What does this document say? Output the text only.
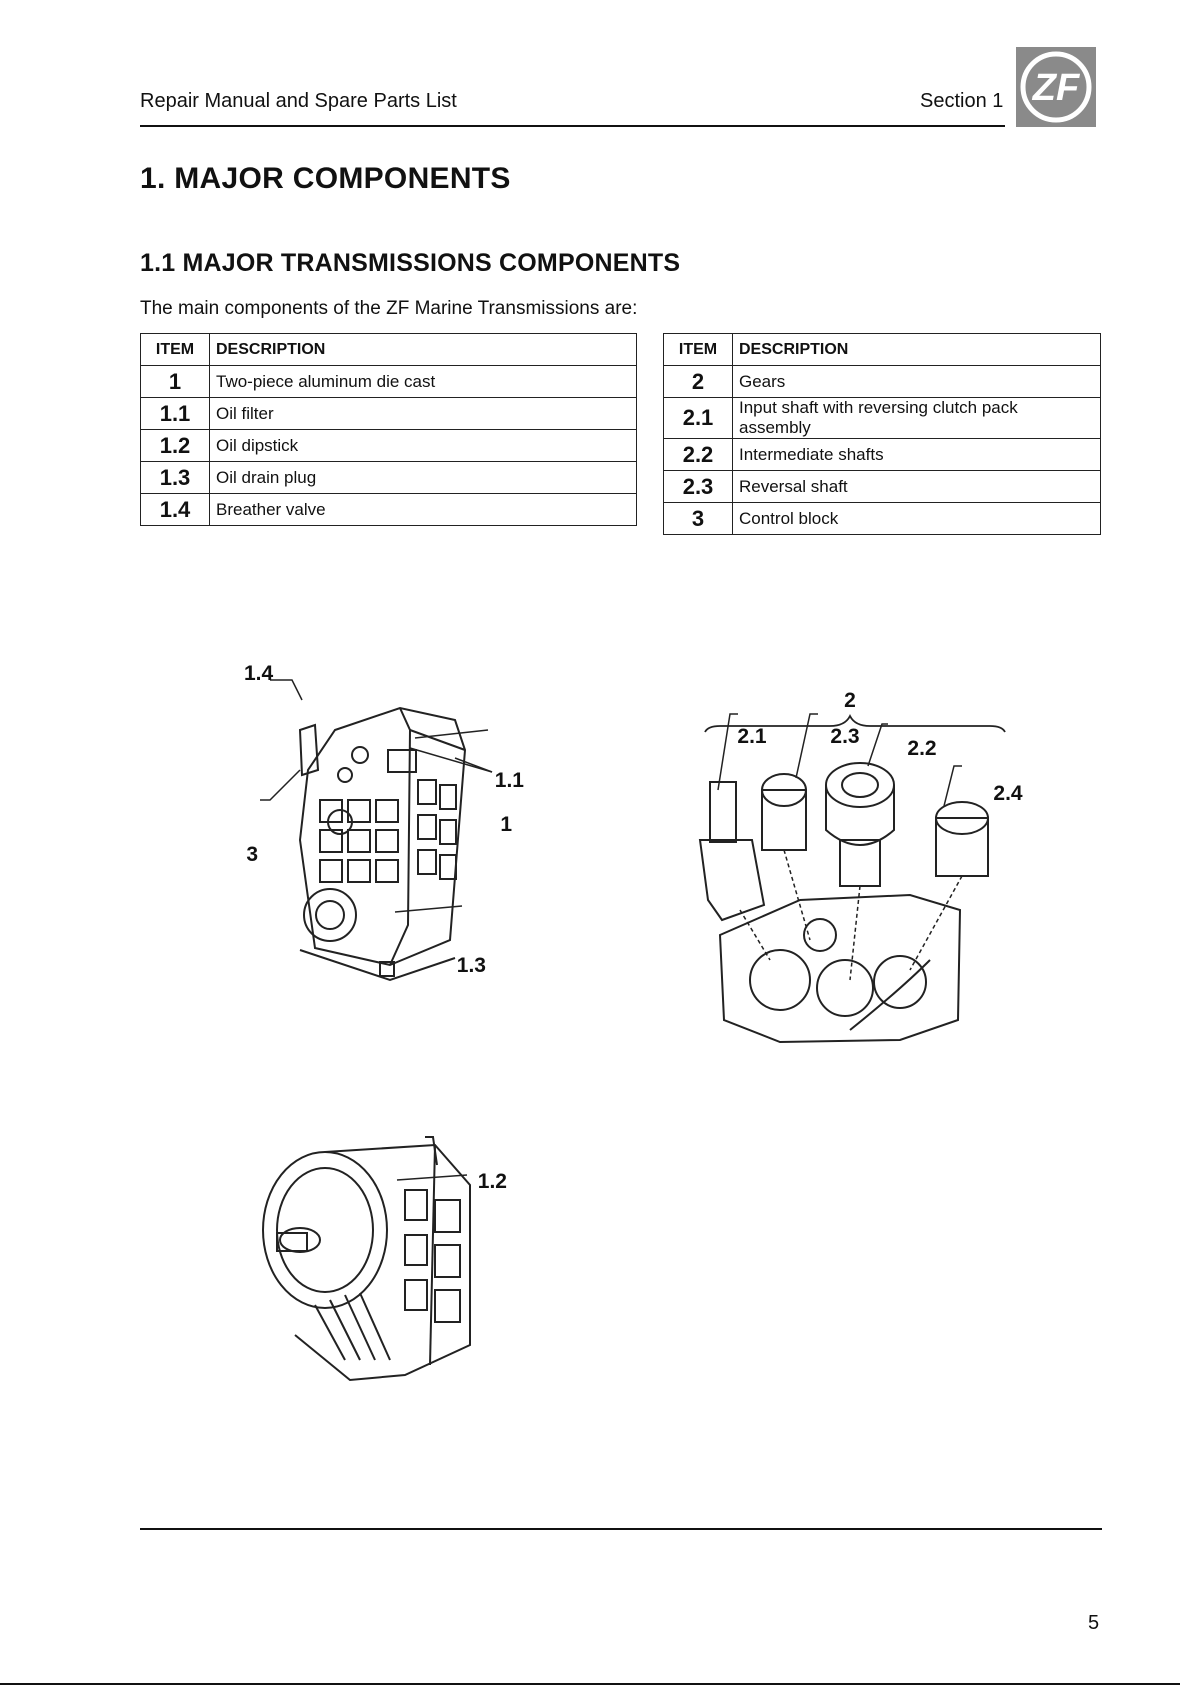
Repair Manual and Spare Parts List	Section 1 ZF
1. MAJOR COMPONENTS
1.1 MAJOR TRANSMISSIONS COMPONENTS
The main components of the ZF Marine Transmissions are:
ITEM	DESCRIPTION
1	Two-piece aluminum die cast
1.1	Oil filter
1.2	Oil dipstick
1.3	Oil drain plug
1.4	Breather valve
ITEM	DESCRIPTION
2	Gears
2.1	Input shaft with reversing clutch pack assembly
2.2	Intermediate shafts
2.3	Reversal shaft
3	Control block
1.4
1.1
1
3
1.3
2
2.1	2.3
2.2
2.4
1.2
5
